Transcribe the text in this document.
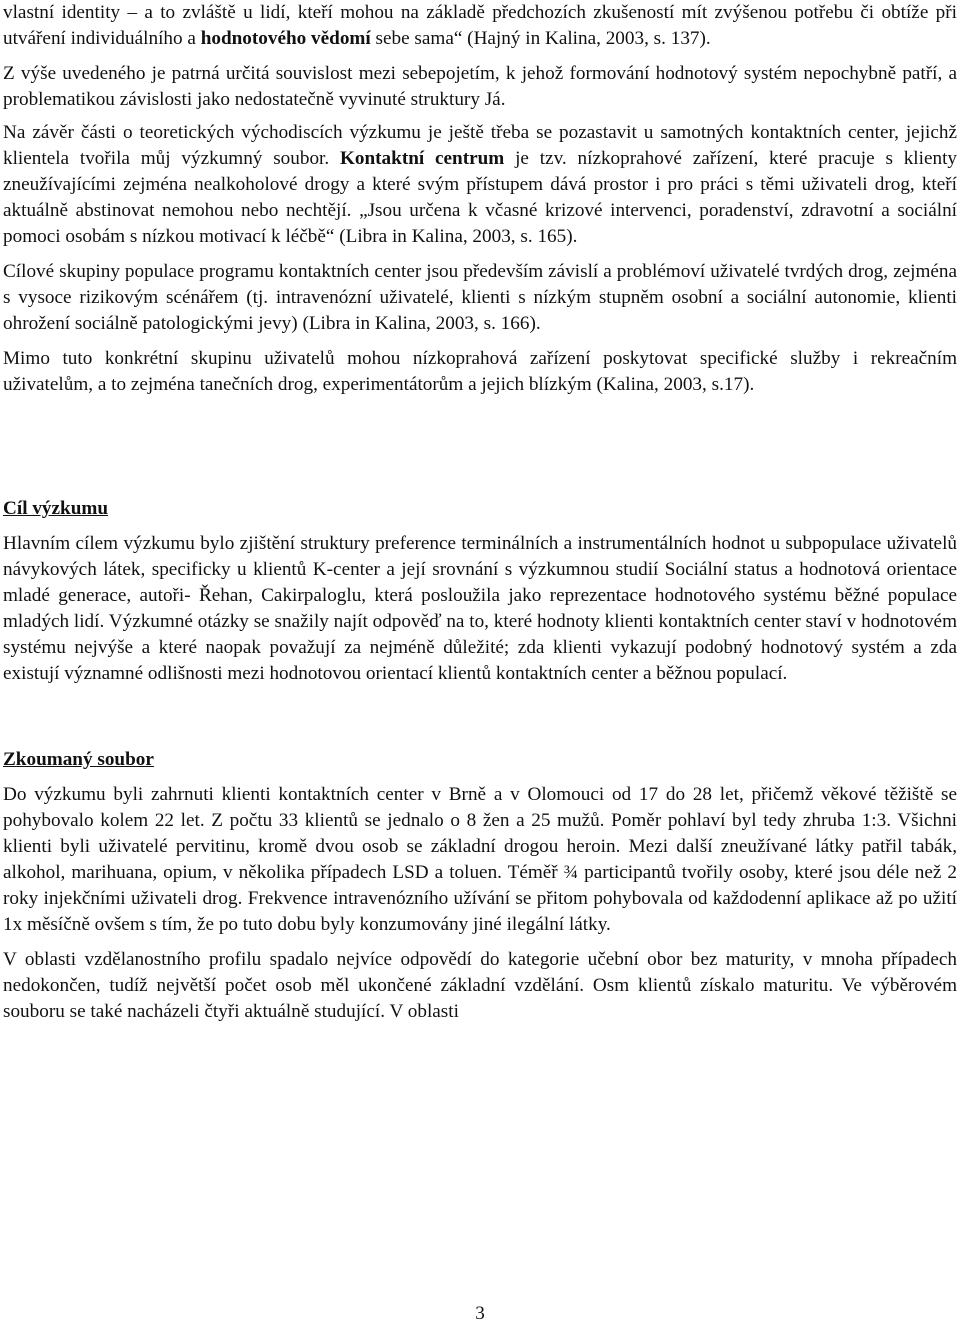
vlastní identity – a to zvláště u lidí, kteří mohou na základě předchozích zkušeností mít zvýšenou potřebu či obtíže při utváření individuálního a hodnotového vědomí sebe sama“ (Hajný in Kalina, 2003, s. 137).

Z výše uvedeného je patrná určitá souvislost mezi sebepojetím, k jehož formování hodnotový systém nepochybně patří, a problematikou závislosti jako nedostatečně vyvinuté struktury Já.

Na závěr části o teoretických východiscích výzkumu je ještě třeba se pozastavit u samotných kontaktních center, jejichž klientela tvořila můj výzkumný soubor. Kontaktní centrum je tzv. nízkoprahové zařízení, které pracuje s klienty zneužívajícími zejména nealkoholové drogy a které svým přístupem dává prostor i pro práci s těmi uživateli drog, kteří aktuálně abstinovat nemohou nebo nechtějí. „Jsou určena k včasné krizové intervenci, poradenství, zdravotní a sociální pomoci osobám s nízkou motivací k léčbě“ (Libra in Kalina, 2003, s. 165).

Cílové skupiny populace programu kontaktních center jsou především závislí a problémoví uživatelé tvrdých drog, zejména s vysoce rizikovým scénářem (tj. intravenózní uživatelé, klienti s nízkým stupněm osobní a sociální autonomie, klienti ohrožení sociálně patologickými jevy) (Libra in Kalina, 2003, s. 166).

Mimo tuto konkrétní skupinu uživatelů mohou nízkoprahová zařízení poskytovat specifické služby i rekreačním uživatelům, a to zejména tanečních drog, experimentátorům a jejich blízkým (Kalina, 2003, s.17).

Cíl výzkumu

Hlavním cílem výzkumu bylo zjištění struktury preference terminálních a instrumentálních hodnot u subpopulace uživatelů návykových látek, specificky u klientů K-center a její srovnání s výzkumnou studií Sociální status a hodnotová orientace mladé generace, autoři- Řehan, Cakirpaloglu, která posloužila jako reprezentace hodnotového systému běžné populace mladých lidí. Výzkumné otázky se snažily najít odpověď na to, které hodnoty klienti kontaktních center staví v hodnotovém systému nejvýše a které naopak považují za nejméně důležité; zda klienti vykazují podobný hodnotový systém a zda existují významné odlišnosti mezi hodnotovou orientací klientů kontaktních center a běžnou populací.

Zkoumaný soubor

Do výzkumu byli zahrnuti klienti kontaktních center v Brně a v Olomouci od 17 do 28 let, přičemž věkové těžiště se pohybovalo kolem 22 let. Z počtu 33 klientů se jednalo o 8 žen a 25 mužů. Poměr pohlaví byl tedy zhruba 1:3. Všichni klienti byli uživatelé pervitinu, kromě dvou osob se základní drogou heroin. Mezi další zneužívané látky patřil tabák, alkohol, marihuana, opium, v několika případech LSD a toluen. Téměř ¾ participantů tvořily osoby, které jsou déle než 2 roky injekčními uživateli drog. Frekvence intravenózního užívání se přitom pohybovala od každodenní aplikace až po užití 1x měsíčně ovšem s tím, že po tuto dobu byly konzumovány jiné ilegální látky.

V oblasti vzdělanostního profilu spadalo nejvíce odpovědí do kategorie učební obor bez maturity, v mnoha případech nedokončen, tudíž největší počet osob měl ukončené základní vzdělání. Osm klientů získalo maturitu. Ve výběrovém souboru se také nacházeli čtyři aktuálně studující. V oblasti

3
